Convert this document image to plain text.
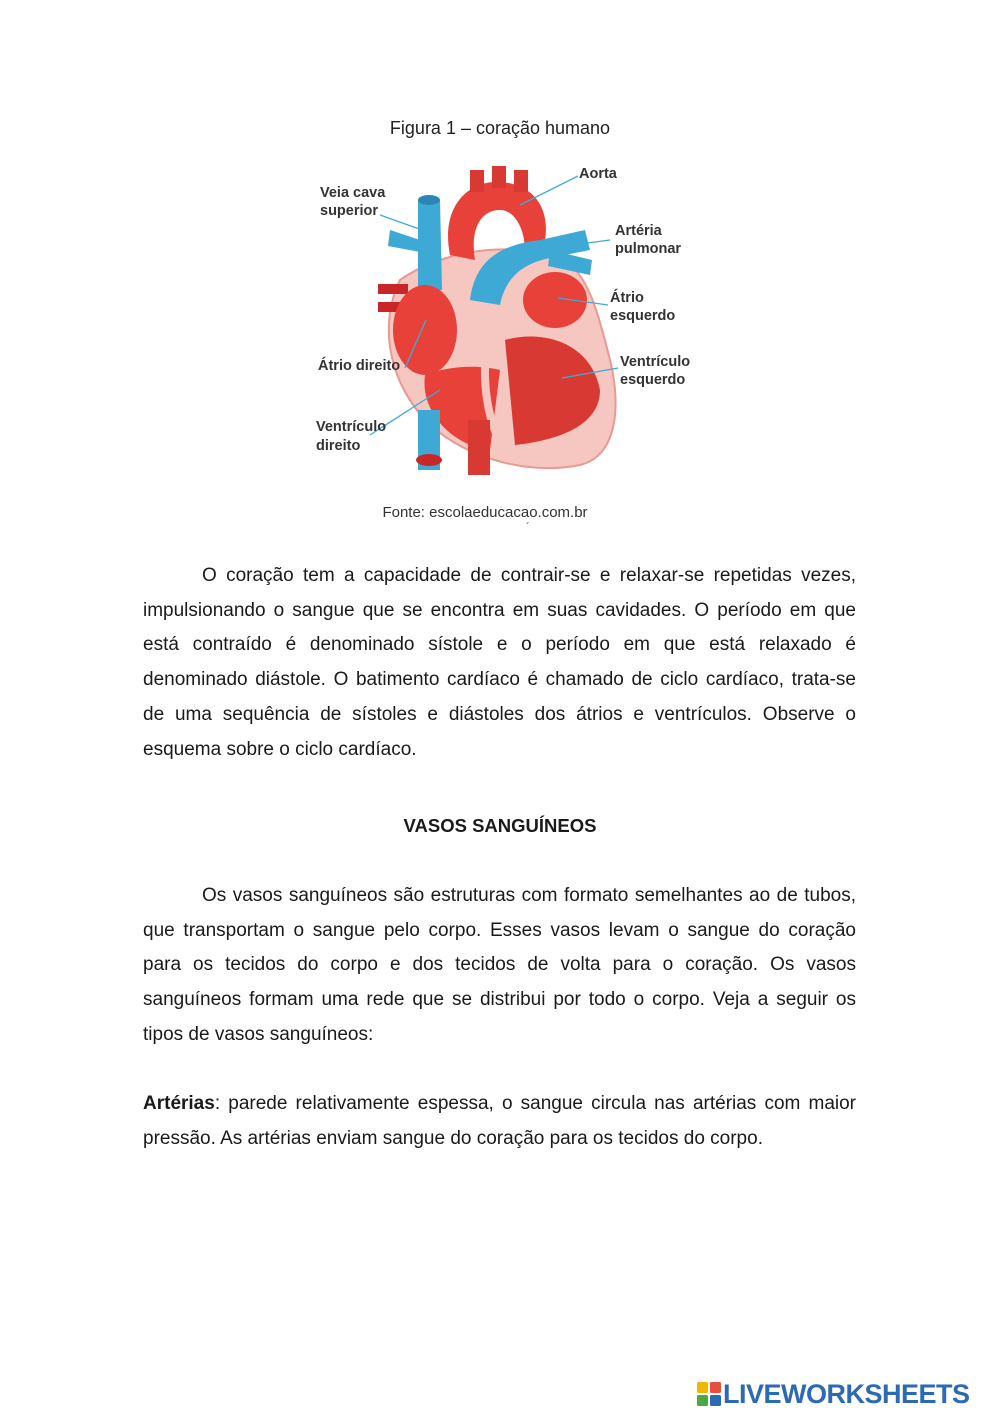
Figura 1 – coração humano
Aorta
Veia cava
superior
Artéria
pulmonar
Átrio
esquerdo
Átrio direito	Ventrículo
esquerdo
Ventrículo
direito
Fonte: escolaeducacao.com.br
´

O coração tem a capacidade de contrair-se e relaxar-se repetidas vezes, impulsionando o sangue que se encontra em suas cavidades. O período em que está contraído é denominado sístole e o período em que está relaxado é denominado diástole. O batimento cardíaco é chamado de ciclo cardíaco, trata-se de uma sequência de sístoles e diástoles dos átrios e ventrículos. Observe o esquema sobre o ciclo cardíaco.

VASOS SANGUÍNEOS

Os vasos sanguíneos são estruturas com formato semelhantes ao de tubos, que transportam o sangue pelo corpo. Esses vasos levam o sangue do coração para os tecidos do corpo e dos tecidos de volta para o coração. Os vasos sanguíneos formam uma rede que se distribui por todo o corpo. Veja a seguir os tipos de vasos sanguíneos:

Artérias: parede relativamente espessa, o sangue circula nas artérias com maior pressão. As artérias enviam sangue do coração para os tecidos do corpo.

LIVEWORKSHEETS
